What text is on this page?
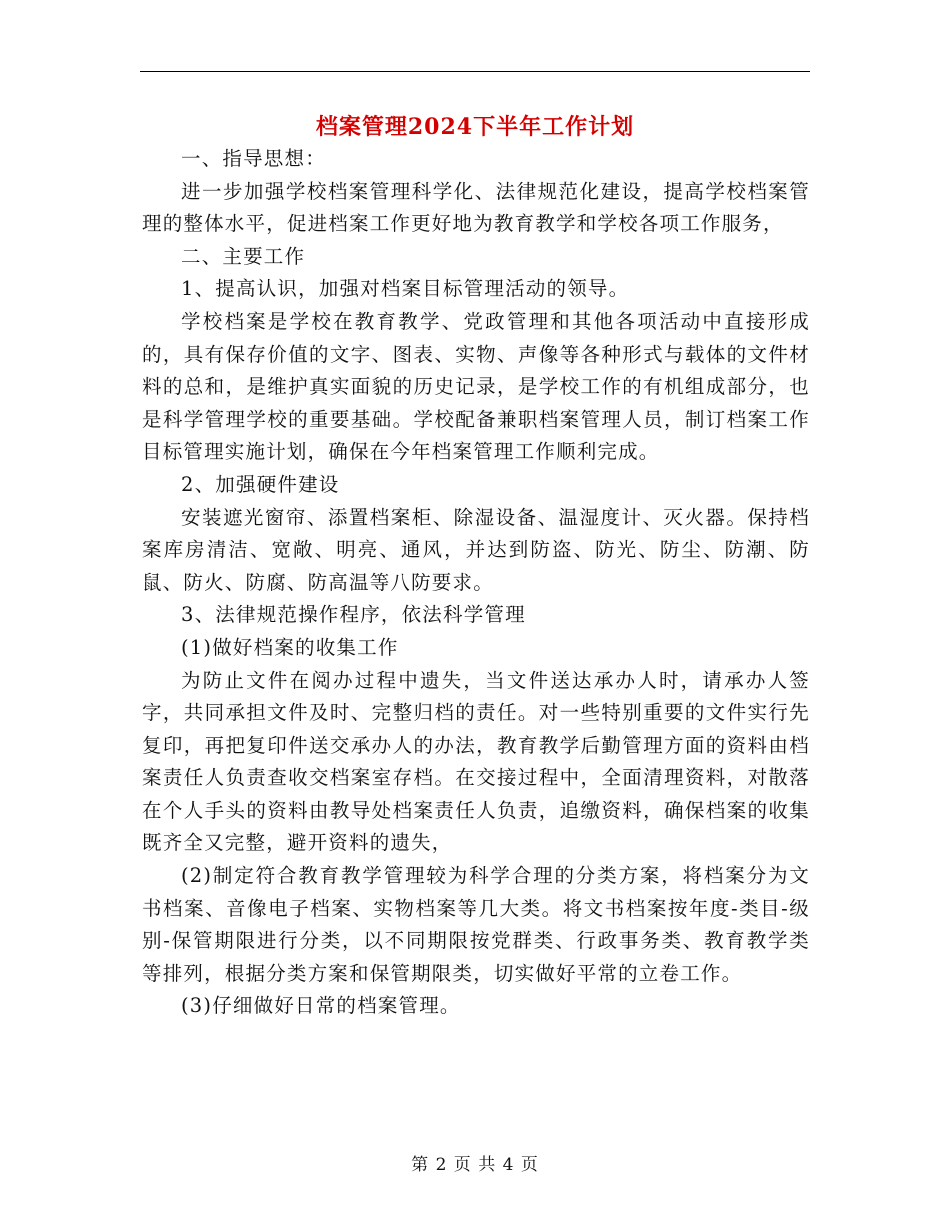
档案管理2024下半年工作计划

一、指导思想：

进一步加强学校档案管理科学化、法律规范化建设，提高学校档案管理的整体水平，促进档案工作更好地为教育教学和学校各项工作服务，

二、主要工作

1、提高认识，加强对档案目标管理活动的领导。

学校档案是学校在教育教学、党政管理和其他各项活动中直接形成的，具有保存价值的文字、图表、实物、声像等各种形式与载体的文件材料的总和，是维护真实面貌的历史记录，是学校工作的有机组成部分，也是科学管理学校的重要基础。学校配备兼职档案管理人员，制订档案工作目标管理实施计划，确保在今年档案管理工作顺利完成。

2、加强硬件建设

安装遮光窗帘、添置档案柜、除湿设备、温湿度计、灭火器。保持档案库房清洁、宽敞、明亮、通风，并达到防盗、防光、防尘、防潮、防鼠、防火、防腐、防高温等八防要求。

3、法律规范操作程序，依法科学管理

(1)做好档案的收集工作

为防止文件在阅办过程中遗失，当文件送达承办人时，请承办人签字，共同承担文件及时、完整归档的责任。对一些特别重要的文件实行先复印，再把复印件送交承办人的办法，教育教学后勤管理方面的资料由档案责任人负责查收交档案室存档。在交接过程中，全面清理资料，对散落在个人手头的资料由教导处档案责任人负责，追缴资料，确保档案的收集既齐全又完整，避开资料的遗失，

(2)制定符合教育教学管理较为科学合理的分类方案，将档案分为文书档案、音像电子档案、实物档案等几大类。将文书档案按年度-类目-级别-保管期限进行分类，以不同期限按党群类、行政事务类、教育教学类等排列，根据分类方案和保管期限类，切实做好平常的立卷工作。

(3)仔细做好日常的档案管理。

第 2 页 共 4 页
